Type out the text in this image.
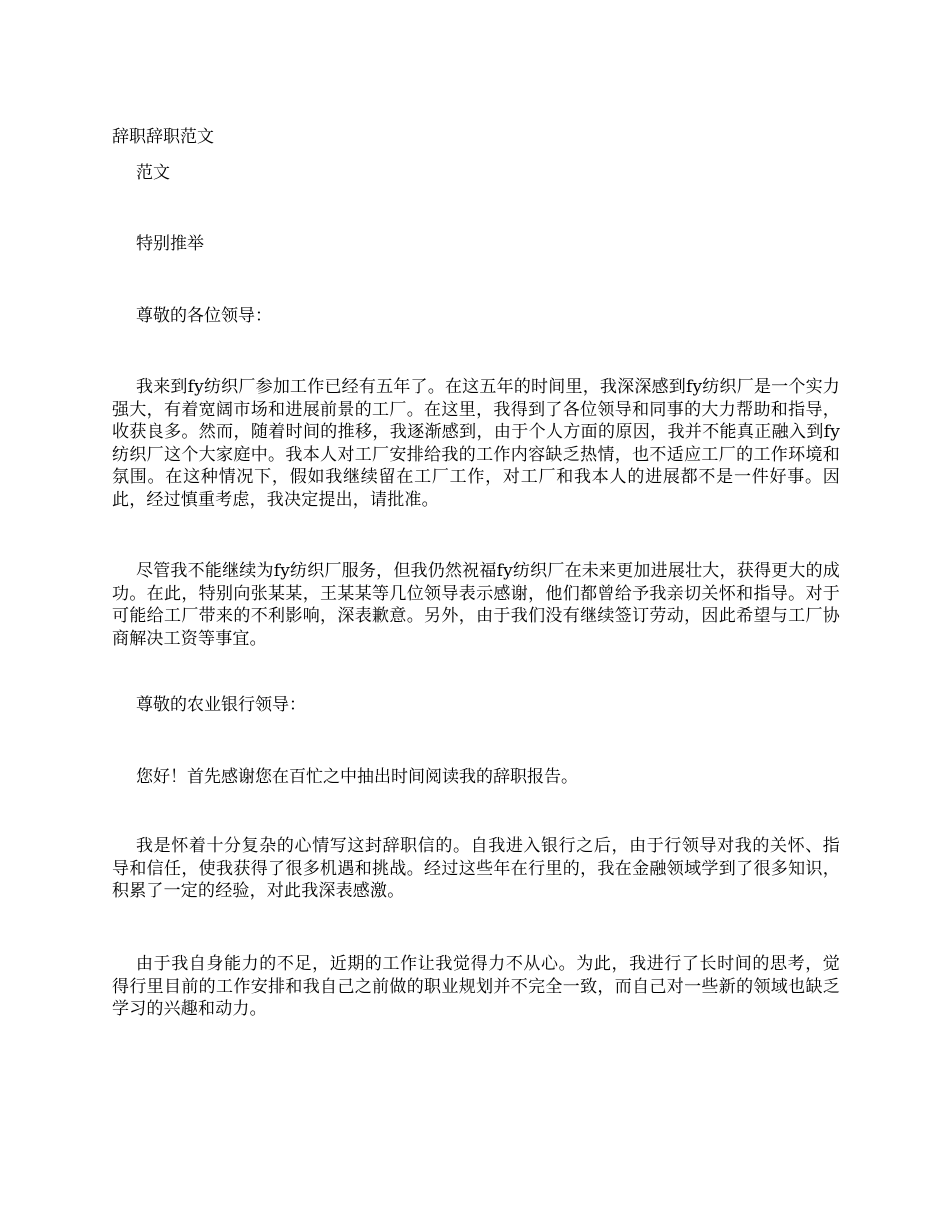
辞职辞职范文
范文
特别推举
尊敬的各位领导：
我来到fy纺织厂参加工作已经有五年了。在这五年的时间里，我深深感到fy纺织厂是一个实力强大，有着宽阔市场和进展前景的工厂。在这里，我得到了各位领导和同事的大力帮助和指导，收获良多。然而，随着时间的推移，我逐渐感到，由于个人方面的原因，我并不能真正融入到fy纺织厂这个大家庭中。我本人对工厂安排给我的工作内容缺乏热情，也不适应工厂的工作环境和氛围。在这种情况下，假如我继续留在工厂工作，对工厂和我本人的进展都不是一件好事。因此，经过慎重考虑，我决定提出，请批准。
尽管我不能继续为fy纺织厂服务，但我仍然祝福fy纺织厂在未来更加进展壮大，获得更大的成功。在此，特别向张某某，王某某等几位领导表示感谢，他们都曾给予我亲切关怀和指导。对于可能给工厂带来的不利影响，深表歉意。另外，由于我们没有继续签订劳动，因此希望与工厂协商解决工资等事宜。
尊敬的农业银行领导：
您好！首先感谢您在百忙之中抽出时间阅读我的辞职报告。
我是怀着十分复杂的心情写这封辞职信的。自我进入银行之后，由于行领导对我的关怀、指导和信任，使我获得了很多机遇和挑战。经过这些年在行里的，我在金融领域学到了很多知识，积累了一定的经验，对此我深表感激。
由于我自身能力的不足，近期的工作让我觉得力不从心。为此，我进行了长时间的思考，觉得行里目前的工作安排和我自己之前做的职业规划并不完全一致，而自己对一些新的领域也缺乏学习的兴趣和动力。
